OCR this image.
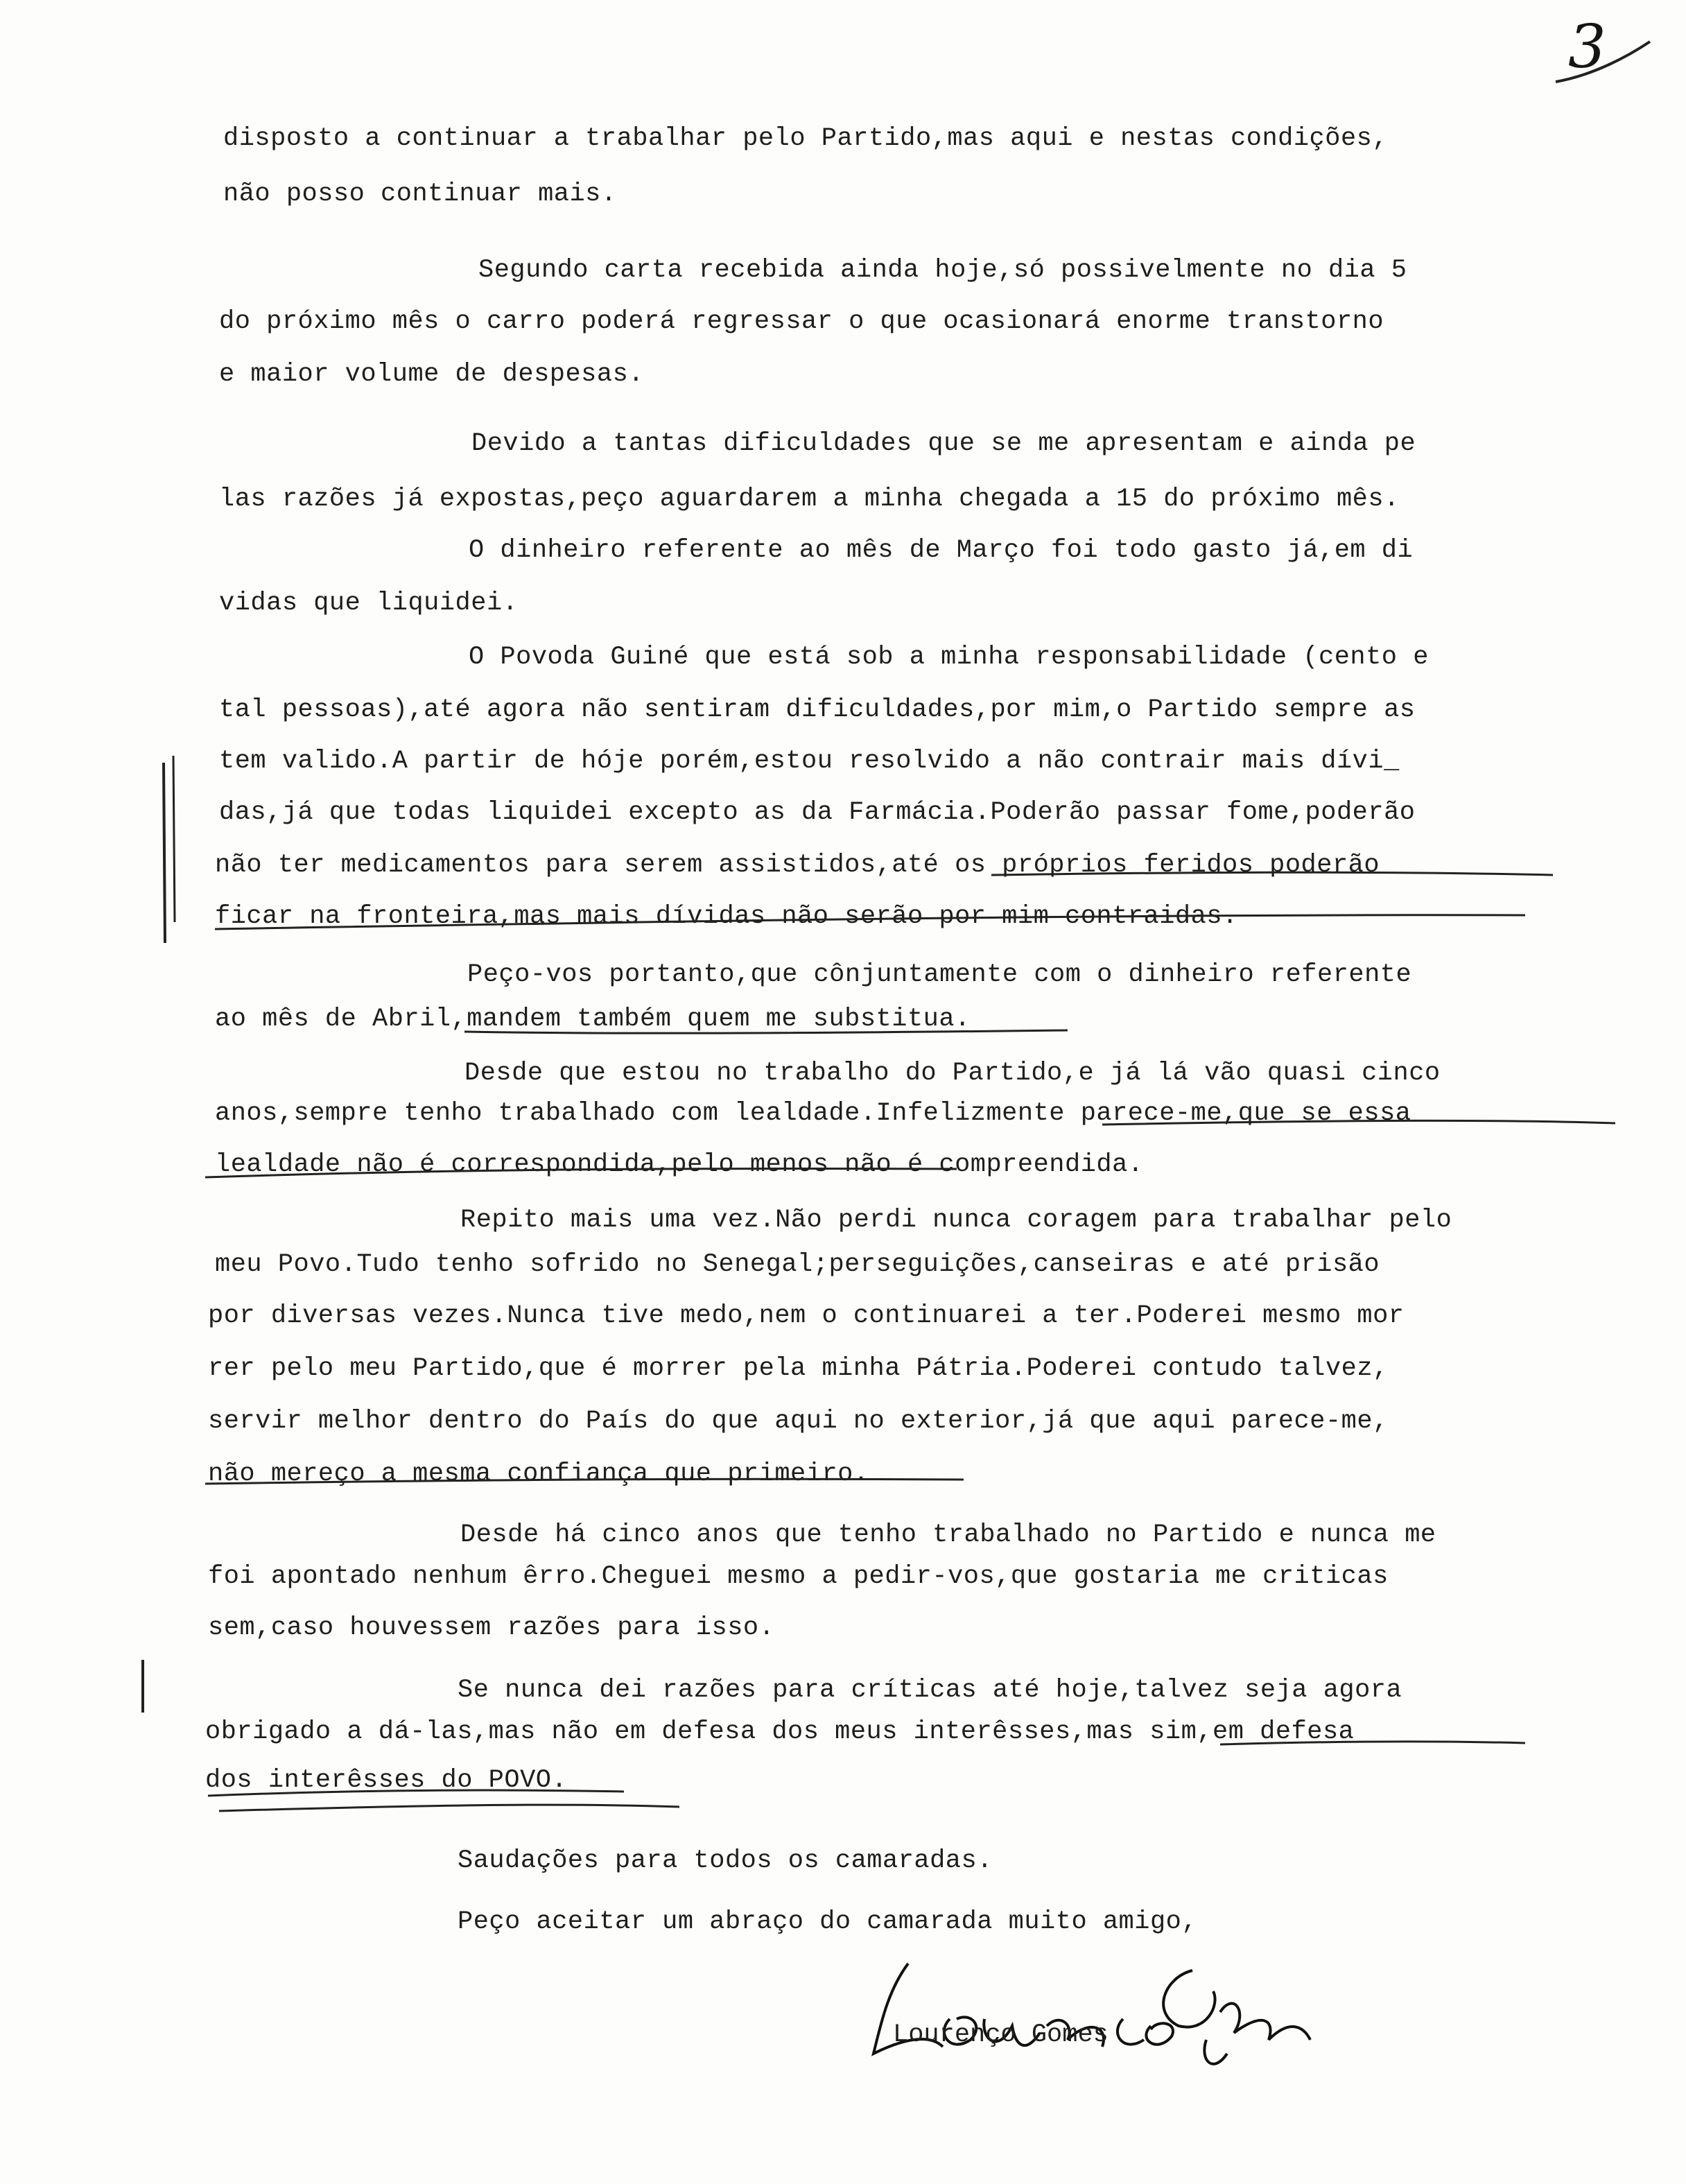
3
disposto a continuar a trabalhar pelo Partido,mas aqui e nestas condições,
não posso continuar mais.
Segundo carta recebida ainda hoje,só possivelmente no dia 5
do próximo mês o carro poderá regressar o que ocasionará enorme transtorno
e maior volume de despesas.
Devido a tantas dificuldades que se me apresentam e ainda pe
las razões já expostas,peço aguardarem a minha chegada a 15 do próximo mês.
O dinheiro referente ao mês de Março foi todo gasto já,em di
vidas que liquidei.
O Povoda Guiné que está sob a minha responsabilidade (cento e
tal pessoas),até agora não sentiram dificuldades,por mim,o Partido sempre as
tem valido.A partir de hóje porém,estou resolvido a não contrair mais dívi_
das,já que todas liquidei excepto as da Farmácia.Poderão passar fome,poderão
não ter medicamentos para serem assistidos,até os próprios feridos poderão
ficar na fronteira,mas mais dívidas não serão por mim contraidas.
Peço-vos portanto,que cônjuntamente com o dinheiro referente
ao mês de Abril,mandem também quem me substitua.
Desde que estou no trabalho do Partido,e já lá vão quasi cinco
anos,sempre tenho trabalhado com lealdade.Infelizmente parece-me,que se essa
lealdade não é correspondida,pelo menos não é compreendida.
Repito mais uma vez.Não perdi nunca coragem para trabalhar pelo
meu Povo.Tudo tenho sofrido no Senegal;perseguições,canseiras e até prisão
por diversas vezes.Nunca tive medo,nem o continuarei a ter.Poderei mesmo mor
rer pelo meu Partido,que é morrer pela minha Pátria.Poderei contudo talvez,
servir melhor dentro do País do que aqui no exterior,já que aqui parece-me,
não mereço a mesma confiança que primeiro.
Desde há cinco anos que tenho trabalhado no Partido e nunca me
foi apontado nenhum êrro.Cheguei mesmo a pedir-vos,que gostaria me criticas
sem,caso houvessem razões para isso.
Se nunca dei razões para críticas até hoje,talvez seja agora
obrigado a dá-las,mas não em defesa dos meus interêsses,mas sim,em defesa
dos interêsses do POVO.
Saudações para todos os camaradas.
Peço aceitar um abraço do camarada muito amigo,
Lourenço Gomes
